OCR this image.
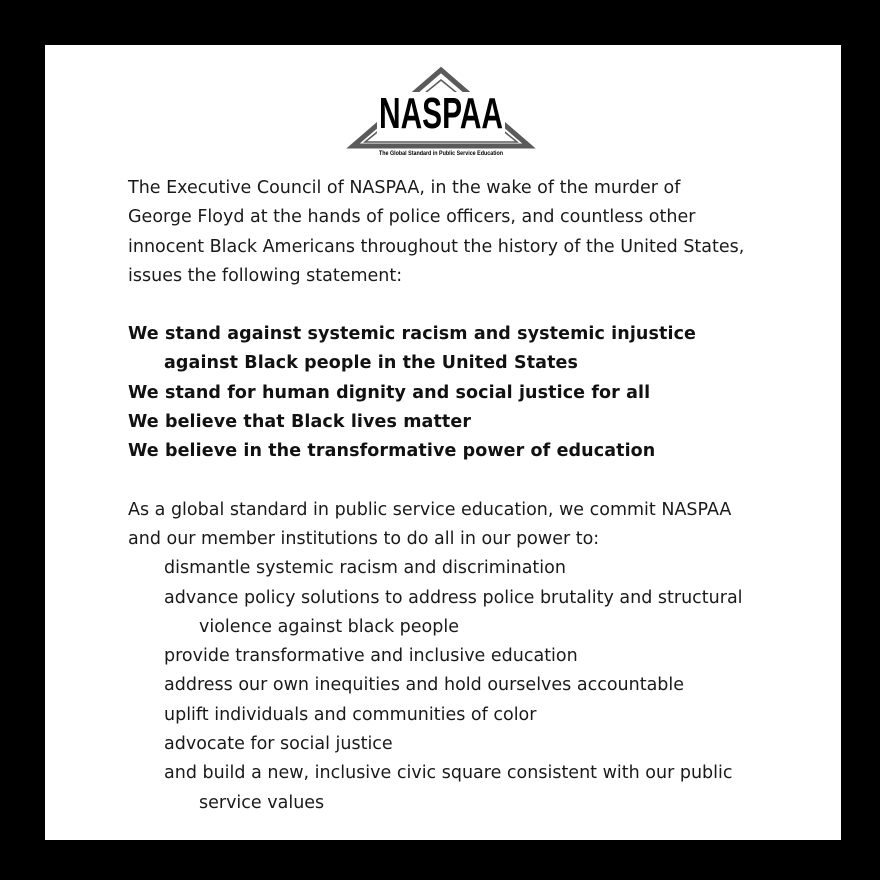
NASPAA
The Global Standard in Public Service Education
The Executive Council of NASPAA, in the wake of the murder of
George Floyd at the hands of police officers, and countless other
innocent Black Americans throughout the history of the United States,
issues the following statement:
We stand against systemic racism and systemic injustice
against Black people in the United States
We stand for human dignity and social justice for all
We believe that Black lives matter
We believe in the transformative power of education
As a global standard in public service education, we commit NASPAA
and our member institutions to do all in our power to:
dismantle systemic racism and discrimination
advance policy solutions to address police brutality and structural
violence against black people
provide transformative and inclusive education
address our own inequities and hold ourselves accountable
uplift individuals and communities of color
advocate for social justice
and build a new, inclusive civic square consistent with our public
service values
